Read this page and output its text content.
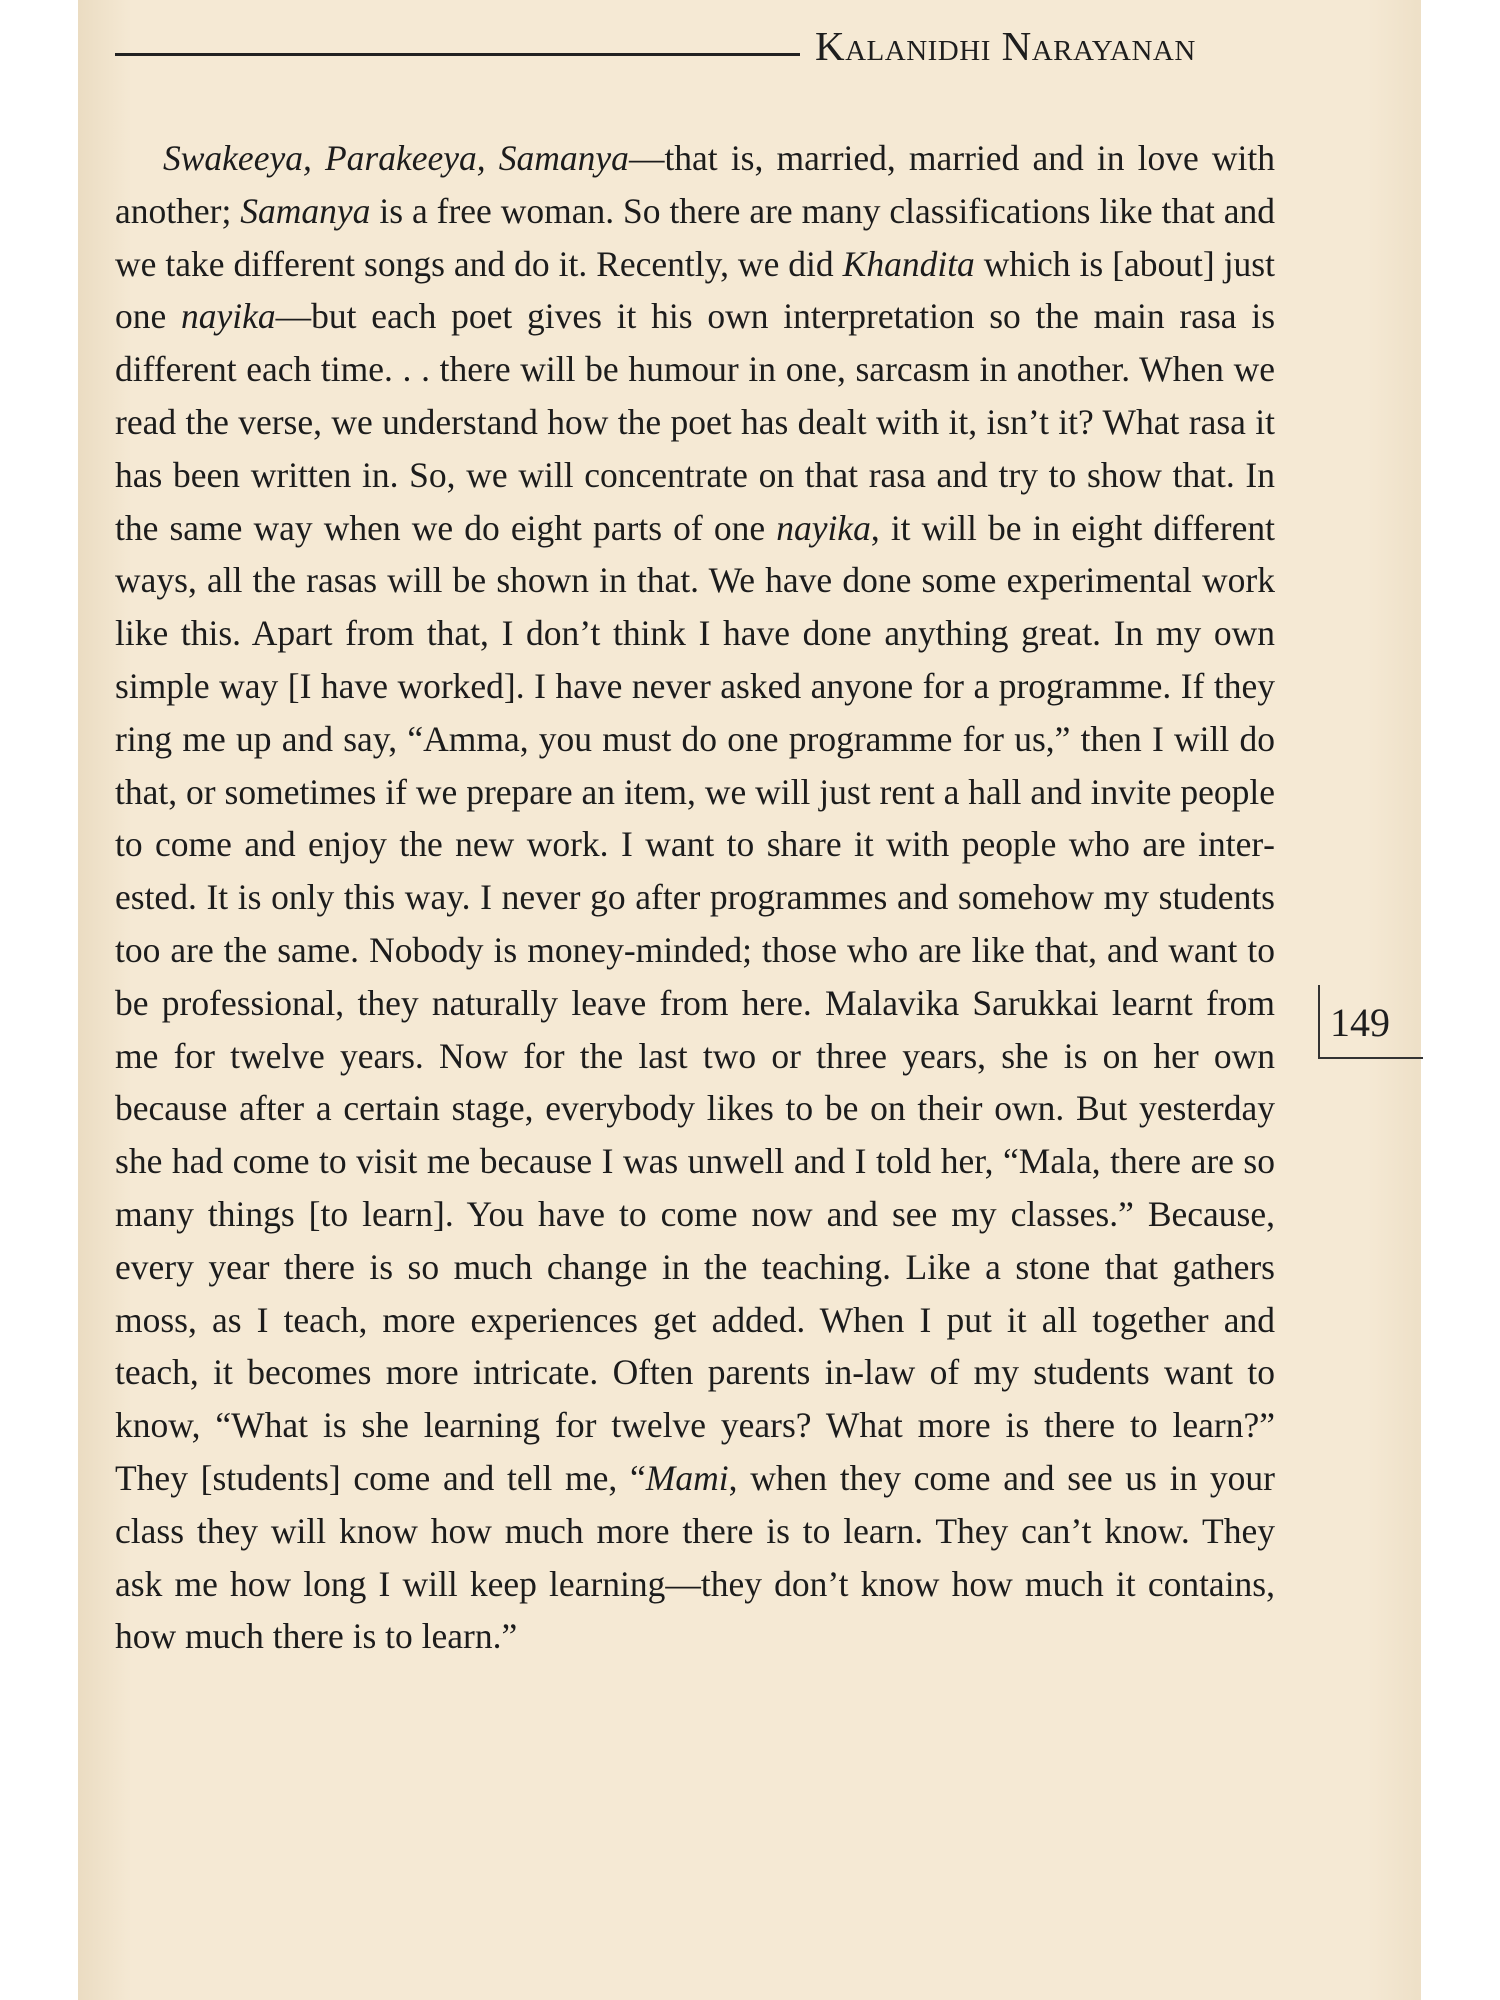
Kalanidhi Narayanan

Swakeeya, Parakeeya, Samanya—that is, married, married and in love with another; Samanya is a free woman. So there are many classifications like that and we take different songs and do it. Recently, we did Khandita which is [about] just one nayika—but each poet gives it his own interpretation so the main rasa is different each time. . . there will be humour in one, sarcasm in another. When we read the verse, we understand how the poet has dealt with it, isn’t it? What rasa it has been written in. So, we will concentrate on that rasa and try to show that. In the same way when we do eight parts of one nayika, it will be in eight different ways, all the rasas will be shown in that. We have done some experimental work like this. Apart from that, I don’t think I have done anything great. In my own simple way [I have worked]. I have never asked anyone for a programme. If they ring me up and say, “Amma, you must do one programme for us,” then I will do that, or sometimes if we prepare an item, we will just rent a hall and invite people to come and enjoy the new work. I want to share it with people who are interested. It is only this way. I never go after programmes and somehow my students too are the same. Nobody is money-minded; those who are like that, and want to be professional, they naturally leave from here. Malavika Sarukkai learnt from me for twelve years. Now for the last two or three years, she is on her own because after a certain stage, everybody likes to be on their own. But yesterday she had come to visit me because I was unwell and I told her, “Mala, there are so many things [to learn]. You have to come now and see my classes.” Because, every year there is so much change in the teaching. Like a stone that gathers moss, as I teach, more experiences get added. When I put it all together and teach, it becomes more intricate. Often parents in-law of my students want to know, “What is she learning for twelve years? What more is there to learn?” They [students] come and tell me, “Mami, when they come and see us in your class they will know how much more there is to learn. They can’t know. They ask me how long I will keep learning—they don’t know how much it contains, how much there is to learn.”

149
